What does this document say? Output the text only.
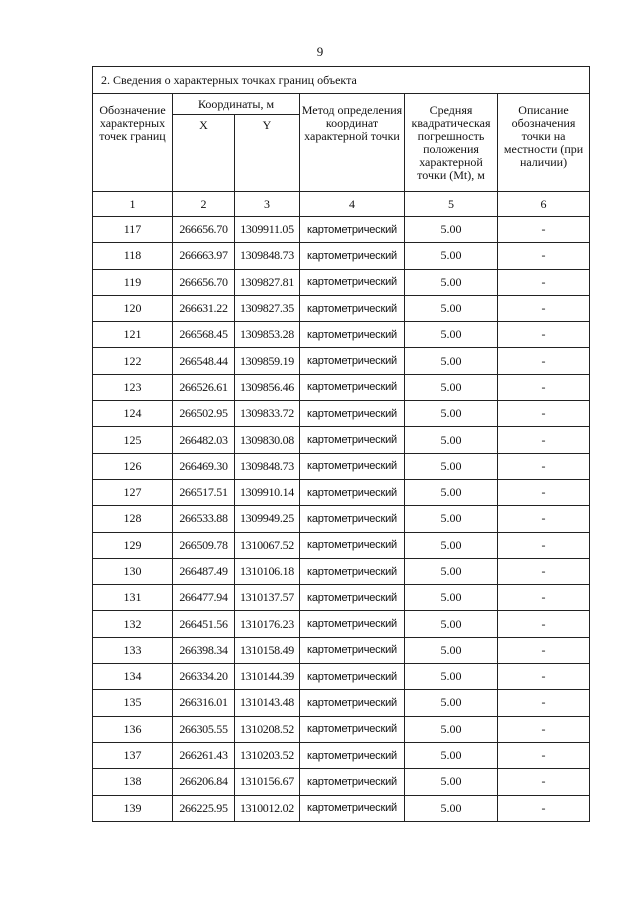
9
2. Сведения о характерных точках границ объекта					
Обозначение характерных точек границ	Координаты, м		Метод определения координат характерной точки	Средняя квадратическая погрешность положения характерной точки (Mt), м	Описание обозначения точки на местности (при наличии)
	X	Y			
1	2	3	4	5	6
117	266656.70	1309911.05	картометрический	5.00	-
118	266663.97	1309848.73	картометрический	5.00	-
119	266656.70	1309827.81	картометрический	5.00	-
120	266631.22	1309827.35	картометрический	5.00	-
121	266568.45	1309853.28	картометрический	5.00	-
122	266548.44	1309859.19	картометрический	5.00	-
123	266526.61	1309856.46	картометрический	5.00	-
124	266502.95	1309833.72	картометрический	5.00	-
125	266482.03	1309830.08	картометрический	5.00	-
126	266469.30	1309848.73	картометрический	5.00	-
127	266517.51	1309910.14	картометрический	5.00	-
128	266533.88	1309949.25	картометрический	5.00	-
129	266509.78	1310067.52	картометрический	5.00	-
130	266487.49	1310106.18	картометрический	5.00	-
131	266477.94	1310137.57	картометрический	5.00	-
132	266451.56	1310176.23	картометрический	5.00	-
133	266398.34	1310158.49	картометрический	5.00	-
134	266334.20	1310144.39	картометрический	5.00	-
135	266316.01	1310143.48	картометрический	5.00	-
136	266305.55	1310208.52	картометрический	5.00	-
137	266261.43	1310203.52	картометрический	5.00	-
138	266206.84	1310156.67	картометрический	5.00	-
139	266225.95	1310012.02	картометрический	5.00	-
